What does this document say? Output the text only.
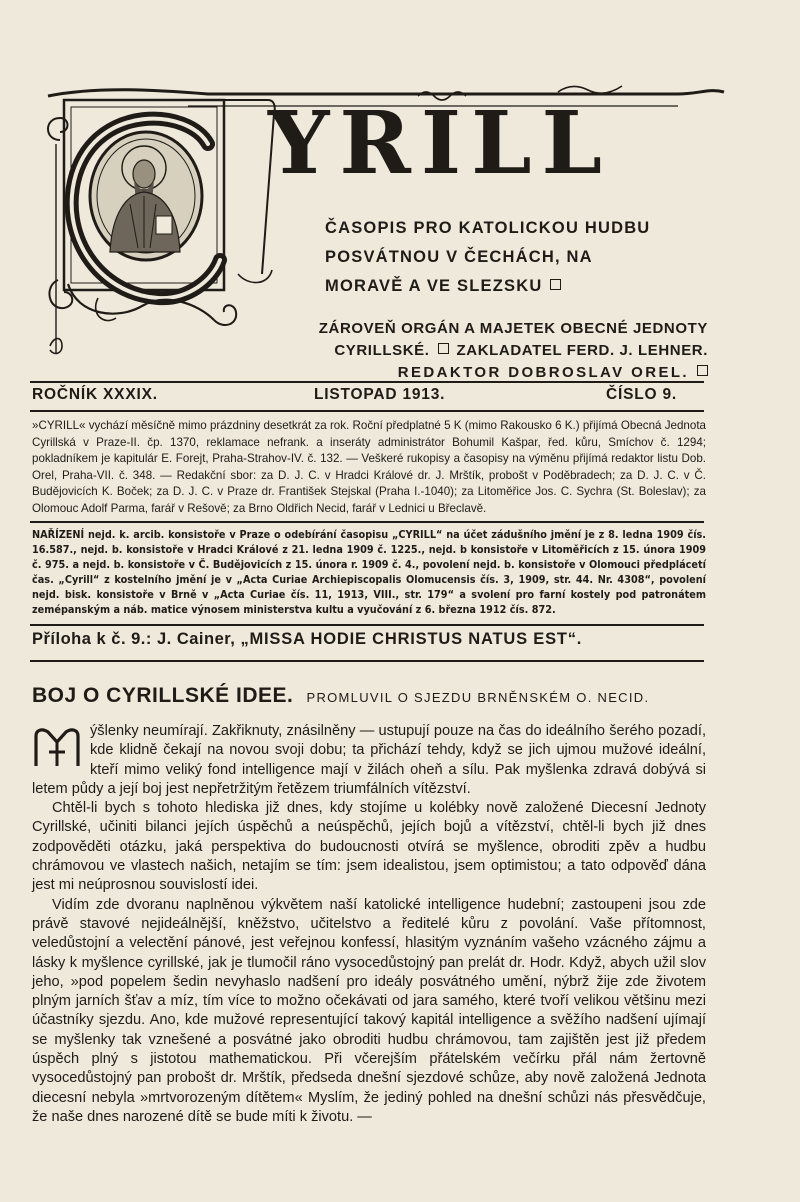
YRILL
ČASOPIS PRO KATOLICKOU HUDBU
POSVÁTNOU V ČECHÁCH, NA
MORAVĚ A VE SLEZSKU
ZÁROVEŇ ORGÁN A MAJETEK OBECNÉ JEDNOTY
CYRILLSKÉ. ZAKLADATEL FERD. J. LEHNER.
REDAKTOR DOBROSLAV OREL.
ROČNÍK XXXIX.	LISTOPAD 1913.	ČÍSLO 9.

»CYRILL« vychází měsíčně mimo prázdniny desetkrát za rok. Roční předplatné 5 K (mimo Rakousko 6 K.) přijímá Obecná Jednota Cyrillská v Praze-II. čp. 1370, reklamace nefrank. a inseráty administrátor Bohumil Kašpar, řed. kůru, Smíchov č. 1294; pokladníkem je kapitulár E. Forejt, Praha-Strahov-IV. č. 132. — Veškeré rukopisy a časopisy na výměnu přijímá redaktor listu Dob. Orel, Praha-VII. č. 348. — Redakční sbor: za D. J. C. v Hradci Králové dr. J. Mrštík, probošt v Poděbradech; za D. J. C. v Č. Budějovicích K. Boček; za D. J. C. v Praze dr. František Stejskal (Praha I.-1040); za Litoměřice Jos. C. Sychra (St. Boleslav); za Olomouc Adolf Parma, farář v Rešově; za Brno Oldřich Necid, farář v Lednici u Břeclavě.

NAŘÍZENÍ nejd. k. arcib. konsistoře v Praze o odebírání časopisu „CYRILL“ na účet zádušního jmění je z 8. ledna 1909 čís. 16.587., nejd. b. konsistoře v Hradci Králové z 21. ledna 1909 č. 1225., nejd. b konsistoře v Litoměřicích z 15. února 1909 č. 975. a nejd. b. konsistoře v Č. Budějovicích z 15. února r. 1909 č. 4., povolení nejd. b. konsistoře v Olomouci předplácetí čas. „Cyrill“ z kostelního jmění je v „Acta Curiae Archiepiscopalis Olomucensis čís. 3, 1909, str. 44. Nr. 4308“, povolení nejd. bisk. konsistoře v Brně v „Acta Curiae čís. 11, 1913, VIII., str. 179“ a svolení pro farní kostely pod patronátem zemépanským a náb. matice výnosem ministerstva kultu a vyučování z 6. března 1912 čís. 872.

Příloha k č. 9.: J. Cainer, „MISSA HODIE CHRISTUS NATUS EST“.
BOJ O CYRILLSKÉ IDEE. PROMLUVIL O SJEZDU BRNĚNSKÉM O. NECID.

ýšlenky neumírají. Zakřiknuty, znásilněny — ustupují pouze na čas do ideálního šerého pozadí, kde klidně čekají na novou svoji dobu; ta přichází tehdy, když se jich ujmou mužové ideální, kteří mimo veliký fond intelligence mají v žilách oheň a sílu. Pak myšlenka zdravá dobývá si letem půdy a její boj jest nepřetržitým řetězem triumfálních vítězství.

Chtěl-li bych s tohoto hlediska již dnes, kdy stojíme u kolébky nově založené Diecesní Jednoty Cyrillské, učiniti bilanci jejích úspěchů a neúspěchů, jejích bojů a vítězství, chtěl-li bych již dnes zodpověděti otázku, jaká perspektiva do budoucnosti otvírá se myšlence, obroditi zpěv a hudbu chrámovou ve vlastech našich, netajím se tím: jsem idealistou, jsem optimistou; a tato odpověď dána jest mi neúprosnou souvislostí idei.

Vidím zde dvoranu naplněnou výkvětem naší katolické intelligence hudební; zastoupeni jsou zde právě stavové nejideálnější, kněžstvo, učitelstvo a ředitelé kůru z povolání. Vaše přítomnost, veledůstojní a velectění pánové, jest veřejnou konfessí, hlasitým vyznáním vašeho vzácného zájmu a lásky k myšlence cyrillské, jak je tlumočil ráno vysocedůstojný pan prelát dr. Hodr. Když, abych užil slov jeho, »pod popelem šedin nevyhaslo nadšení pro ideály posvátného umění, nýbrž žije zde životem plným jarních šťav a míz, tím více to možno očekávati od jara samého, které tvoří velikou většinu mezi účastníky sjezdu. Ano, kde mužové representující takový kapitál intelligence a svěžího nadšení ujímají se myšlenky tak vznešené a posvátné jako obroditi hudbu chrámovou, tam zajištěn jest již předem úspěch plný s jistotou mathematickou. Při včerejším přátelském večírku přál nám žertovně vysocedůstojný pan probošt dr. Mrštík, předseda dnešní sjezdové schůze, aby nově založená Jednota diecesní nebyla »mrtvorozeným dítětem« Myslím, že jediný pohled na dnešní schůzi nás přesvědčuje, že naše dnes narozené dítě se bude míti k životu. —
